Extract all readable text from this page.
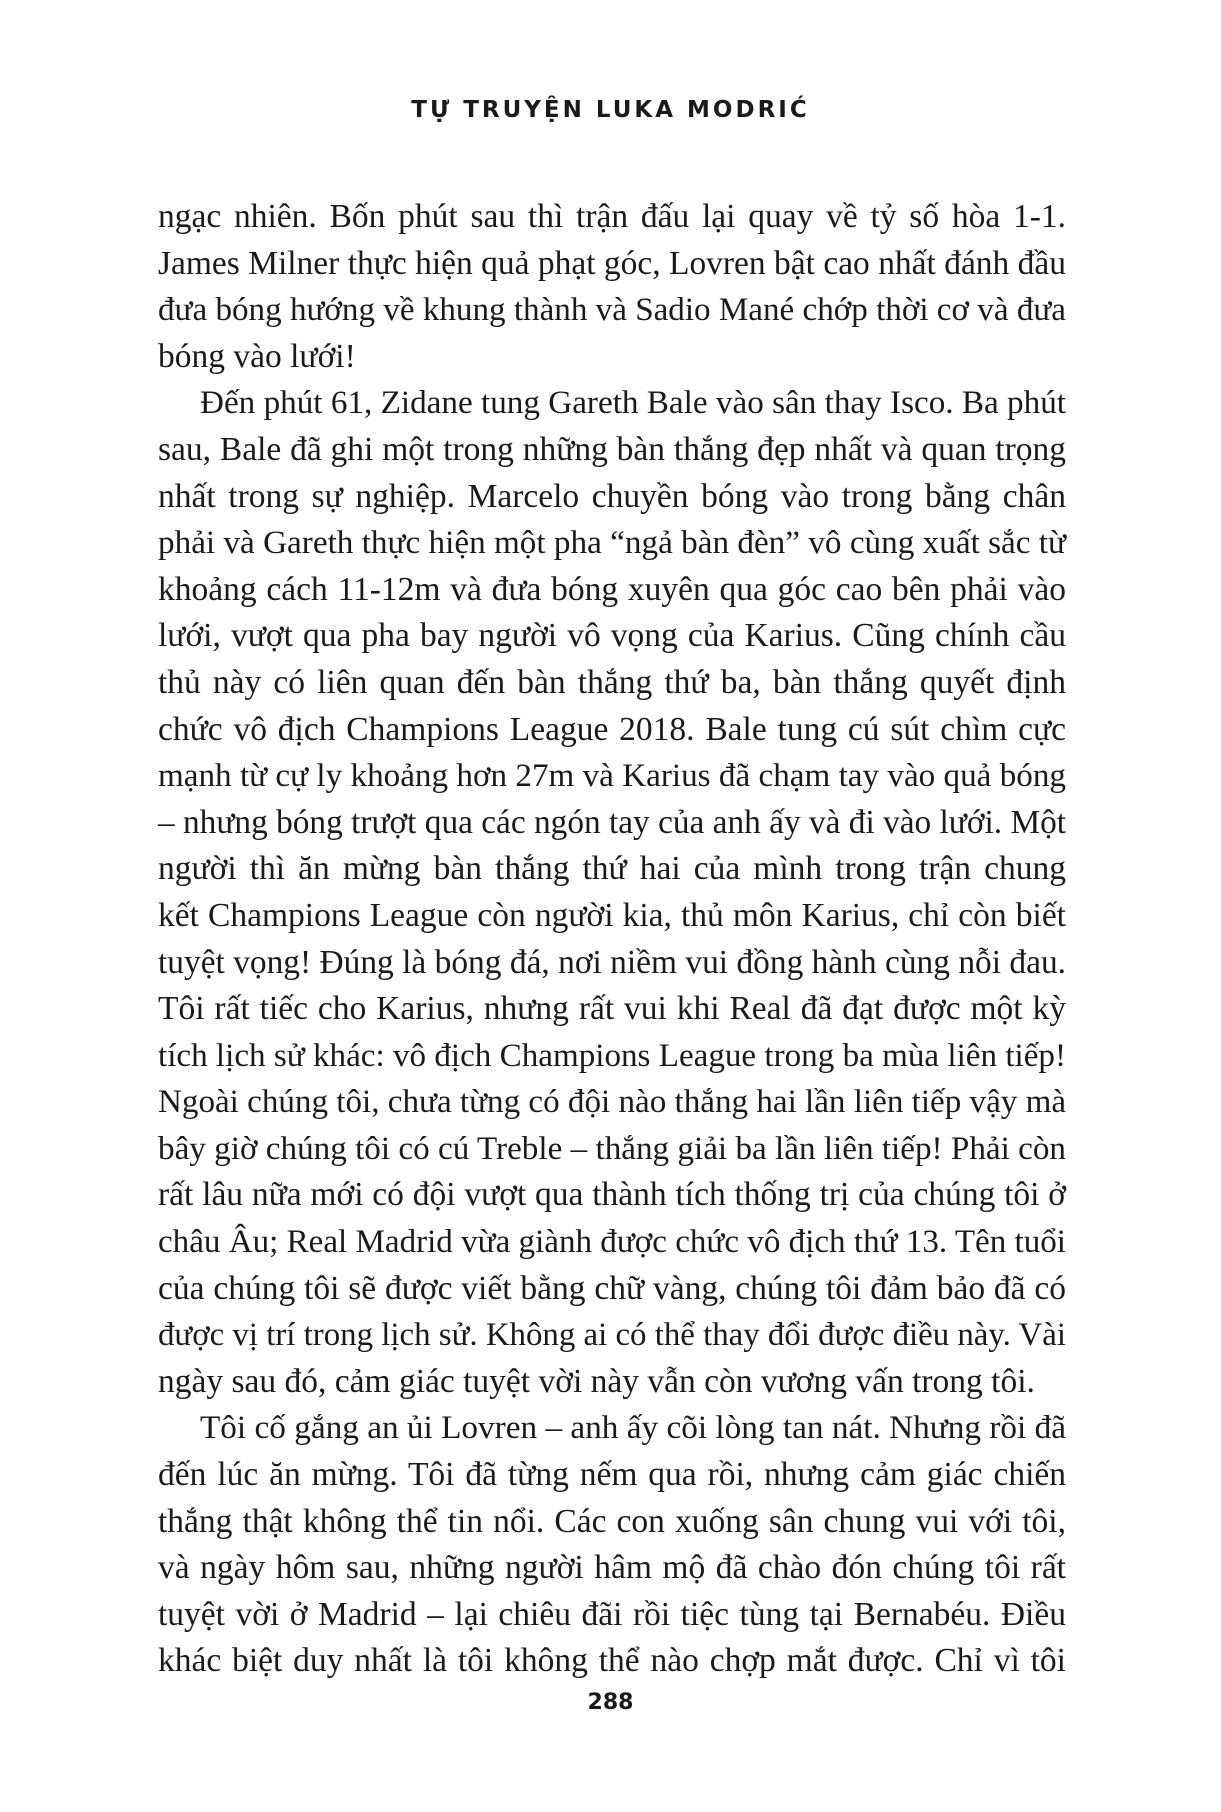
TỰ TRUYỆN LUKA MODRIĆ

ngạc nhiên. Bốn phút sau thì trận đấu lại quay về tỷ số hòa 1-1.
James Milner thực hiện quả phạt góc, Lovren bật cao nhất đánh đầu
đưa bóng hướng về khung thành và Sadio Mané chớp thời cơ và đưa
bóng vào lưới!

Đến phút 61, Zidane tung Gareth Bale vào sân thay Isco. Ba phút
sau, Bale đã ghi một trong những bàn thắng đẹp nhất và quan trọng
nhất trong sự nghiệp. Marcelo chuyền bóng vào trong bằng chân
phải và Gareth thực hiện một pha “ngả bàn đèn” vô cùng xuất sắc từ
khoảng cách 11-12m và đưa bóng xuyên qua góc cao bên phải vào
lưới, vượt qua pha bay người vô vọng của Karius. Cũng chính cầu
thủ này có liên quan đến bàn thắng thứ ba, bàn thắng quyết định
chức vô địch Champions League 2018. Bale tung cú sút chìm cực
mạnh từ cự ly khoảng hơn 27m và Karius đã chạm tay vào quả bóng
– nhưng bóng trượt qua các ngón tay của anh ấy và đi vào lưới. Một
người thì ăn mừng bàn thắng thứ hai của mình trong trận chung
kết Champions League còn người kia, thủ môn Karius, chỉ còn biết
tuyệt vọng! Đúng là bóng đá, nơi niềm vui đồng hành cùng nỗi đau.
Tôi rất tiếc cho Karius, nhưng rất vui khi Real đã đạt được một kỳ
tích lịch sử khác: vô địch Champions League trong ba mùa liên tiếp!
Ngoài chúng tôi, chưa từng có đội nào thắng hai lần liên tiếp vậy mà
bây giờ chúng tôi có cú Treble – thắng giải ba lần liên tiếp! Phải còn
rất lâu nữa mới có đội vượt qua thành tích thống trị của chúng tôi ở
châu Âu; Real Madrid vừa giành được chức vô địch thứ 13. Tên tuổi
của chúng tôi sẽ được viết bằng chữ vàng, chúng tôi đảm bảo đã có
được vị trí trong lịch sử. Không ai có thể thay đổi được điều này. Vài
ngày sau đó, cảm giác tuyệt vời này vẫn còn vương vấn trong tôi.

Tôi cố gắng an ủi Lovren – anh ấy cõi lòng tan nát. Nhưng rồi đã
đến lúc ăn mừng. Tôi đã từng nếm qua rồi, nhưng cảm giác chiến
thắng thật không thể tin nổi. Các con xuống sân chung vui với tôi,
và ngày hôm sau, những người hâm mộ đã chào đón chúng tôi rất
tuyệt vời ở Madrid – lại chiêu đãi rồi tiệc tùng tại Bernabéu. Điều
khác biệt duy nhất là tôi không thể nào chợp mắt được. Chỉ vì tôi

288
